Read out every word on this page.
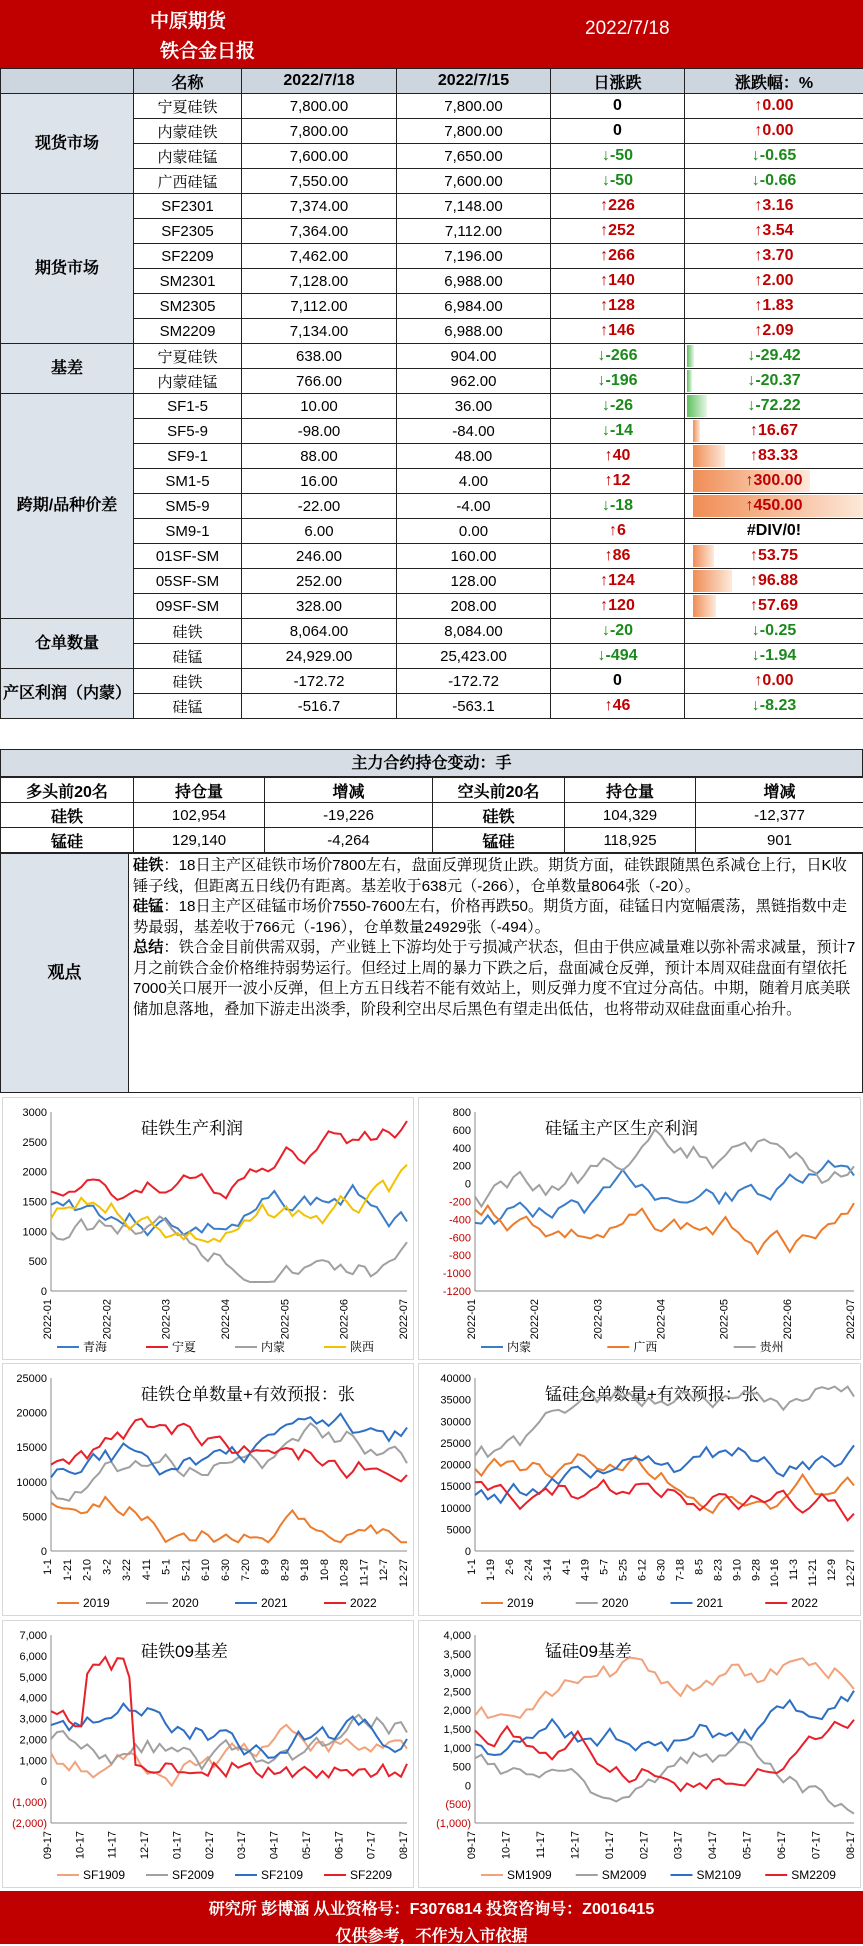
中原期货
铁合金日报
2022/7/18
	名称	2022/7/18	2022/7/15	日涨跌	涨跌幅：%
现货市场	宁夏硅铁	7,800.00	7,800.00	0	↑0.00
	内蒙硅铁	7,800.00	7,800.00	0	↑0.00
	内蒙硅锰	7,600.00	7,650.00	↓-50	↓-0.65
	广西硅锰	7,550.00	7,600.00	↓-50	↓-0.66
期货市场	SF2301	7,374.00	7,148.00	↑226	↑3.16
	SF2305	7,364.00	7,112.00	↑252	↑3.54
	SF2209	7,462.00	7,196.00	↑266	↑3.70
	SM2301	7,128.00	6,988.00	↑140	↑2.00
	SM2305	7,112.00	6,984.00	↑128	↑1.83
	SM2209	7,134.00	6,988.00	↑146	↑2.09
基差	宁夏硅铁	638.00	904.00	↓-266	↓-29.42
	内蒙硅锰	766.00	962.00	↓-196	↓-20.37
跨期/品种价差	SF1-5	10.00	36.00	↓-26	↓-72.22
	SF5-9	-98.00	-84.00	↓-14	↑16.67
	SF9-1	88.00	48.00	↑40	↑83.33
	SM1-5	16.00	4.00	↑12	↑300.00
	SM5-9	-22.00	-4.00	↓-18	↑450.00
	SM9-1	6.00	0.00	↑6	#DIV/0!
	01SF-SM	246.00	160.00	↑86	↑53.75
	05SF-SM	252.00	128.00	↑124	↑96.88
	09SF-SM	328.00	208.00	↑120	↑57.69
仓单数量	硅铁	8,064.00	8,084.00	↓-20	↓-0.25
	硅锰	24,929.00	25,423.00	↓-494	↓-1.94
产区利润（内蒙）	硅铁	-172.72	-172.72	0	↑0.00
	硅锰	-516.7	-563.1	↑46	↓-8.23
主力合约持仓变动：手
多头前20名	持仓量	增减	空头前20名	持仓量	增减
硅铁	102,954	-19,226	硅铁	104,329	-12,377
锰硅	129,140	-4,264	锰硅	118,925	901
观点

硅铁：18日主产区硅铁市场价7800左右，盘面反弹现货止跌。期货方面，硅铁跟随黑色系减仓上行，日K收锤子线，但距离五日线仍有距离。基差收于638元（-266），仓单数量8064张（-20）。

硅锰：18日主产区硅锰市场价7550-7600左右，价格再跌50。期货方面，硅锰日内宽幅震荡，黑链指数中走势最弱，基差收于766元（-196），仓单数量24929张（-494）。

总结：铁合金目前供需双弱，产业链上下游均处于亏损减产状态，但由于供应减量难以弥补需求减量，预计7月之前铁合金价格维持弱势运行。但经过上周的暴力下跌之后，盘面减仓反弹，预计本周双硅盘面有望依托7000关口展开一波小反弹，但上方五日线若不能有效站上，则反弹力度不宜过分高估。中期，随着月底美联储加息落地，叠加下游走出淡季，阶段利空出尽后黑色有望走出低估，也将带动双硅盘面重心抬升。

3000
2500
2000
1500
1000
500
0
2022-01	2022-02	2022-03	2022-04	2022-05	2022-06	2022-07
硅铁生产利润
青海	宁夏	内蒙	陕西
800
600
400
200
0
-200
-400
-600
-800
-1000
-1200
2022-01	2022-02	2022-03	2022-04	2022-05	2022-06	2022-07
硅锰主产区生产利润
内蒙	广西	贵州
25000
20000
15000
10000
5000
0
1-1 1-21 2-10 3-2 3-22 4-11 5-1 5-21 6-10 6-30 7-20 8-9 8-29 9-18 10-8 10-28 11-17 12-7 12-27
硅铁仓单数量+有效预报：张
2019	2020	2021	2022
40000
35000
30000
25000
20000
15000
10000
5000
0
1-1 1-19 2-6 2-24 3-14 4-1 4-19 5-7 5-25 6-12 6-30 7-18 8-5 8-23 9-10 9-28 10-16 11-3 11-21 12-9 12-27
锰硅仓单数量+有效预报：张
2019	2020	2021	2022
7,000
6,000
5,000
4,000
3,000
2,000
1,000
0
(1,000)
(2,000)
09-17 10-17 11-17 12-17 01-17 02-17 03-17 04-17 05-17 06-17 07-17 08-17
硅铁09基差
SF1909	SF2009	SF2109	SF2209
4,000
3,500
3,000
2,500
2,000
1,500
1,000
500
0
(500)
(1,000)
09-17 10-17 11-17 12-17 01-17 02-17 03-17 04-17 05-17 06-17 07-17 08-17
锰硅09基差
SM1909	SM2009	SM2109	SM2209
研究所 彭博涵 从业资格号：F3076814 投资咨询号：Z0016415
仅供参考，不作为入市依据
